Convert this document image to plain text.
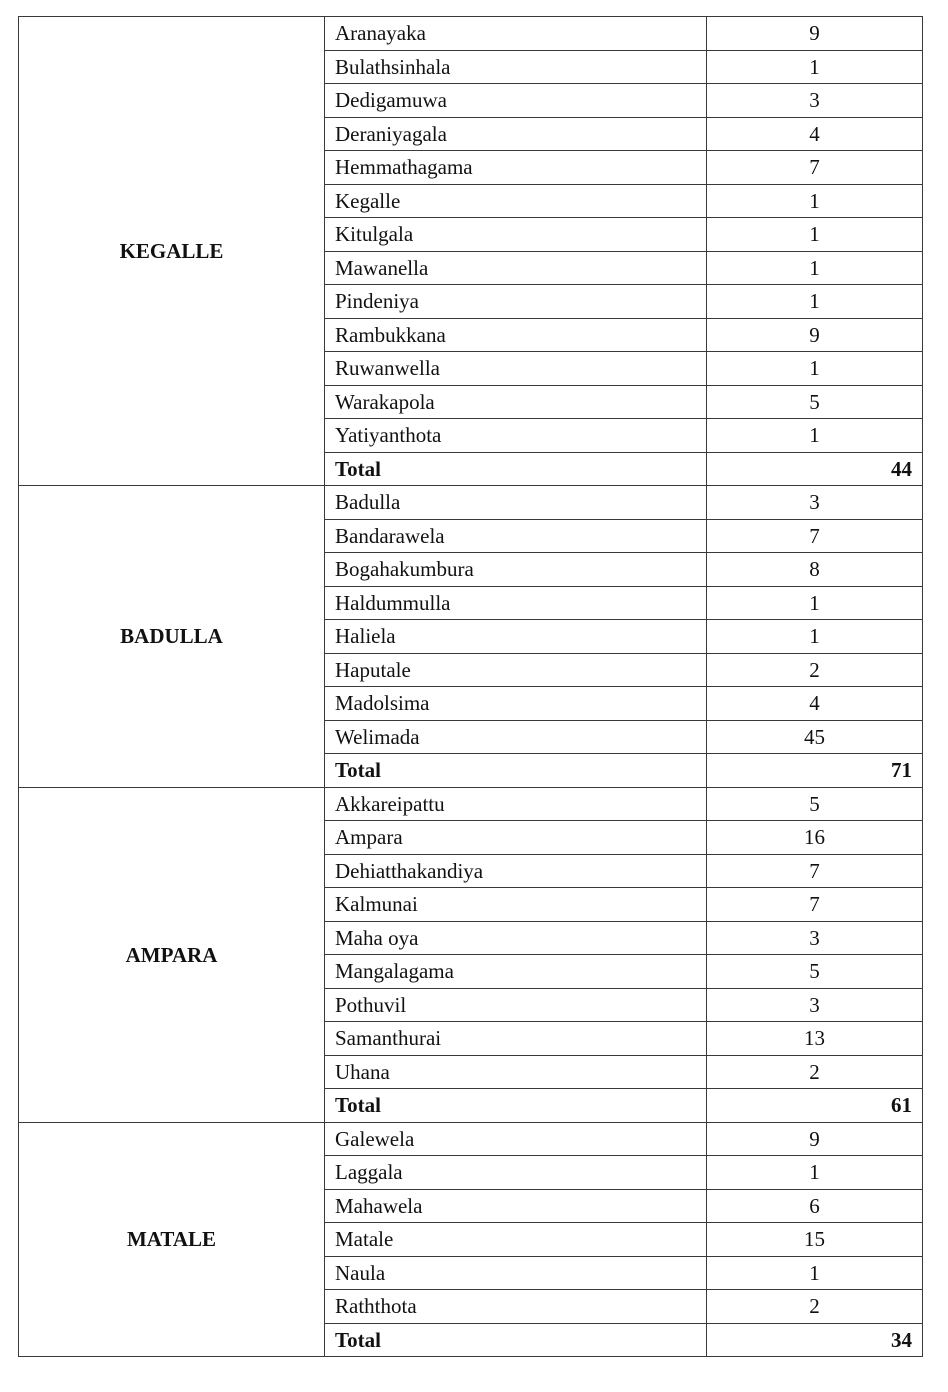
KEGALLE	Aranayaka	9
	Bulathsinhala	1
	Dedigamuwa	3
	Deraniyagala	4
	Hemmathagama	7
	Kegalle	1
	Kitulgala	1
	Mawanella	1
	Pindeniya	1
	Rambukkana	9
	Ruwanwella	1
	Warakapola	5
	Yatiyanthota	1
	Total	44
BADULLA	Badulla	3
	Bandarawela	7
	Bogahakumbura	8
	Haldummulla	1
	Haliela	1
	Haputale	2
	Madolsima	4
	Welimada	45
	Total	71
AMPARA	Akkareipattu	5
	Ampara	16
	Dehiatthakandiya	7
	Kalmunai	7
	Maha oya	3
	Mangalagama	5
	Pothuvil	3
	Samanthurai	13
	Uhana	2
	Total	61
MATALE	Galewela	9
	Laggala	1
	Mahawela	6
	Matale	15
	Naula	1
	Raththota	2
	Total	34
